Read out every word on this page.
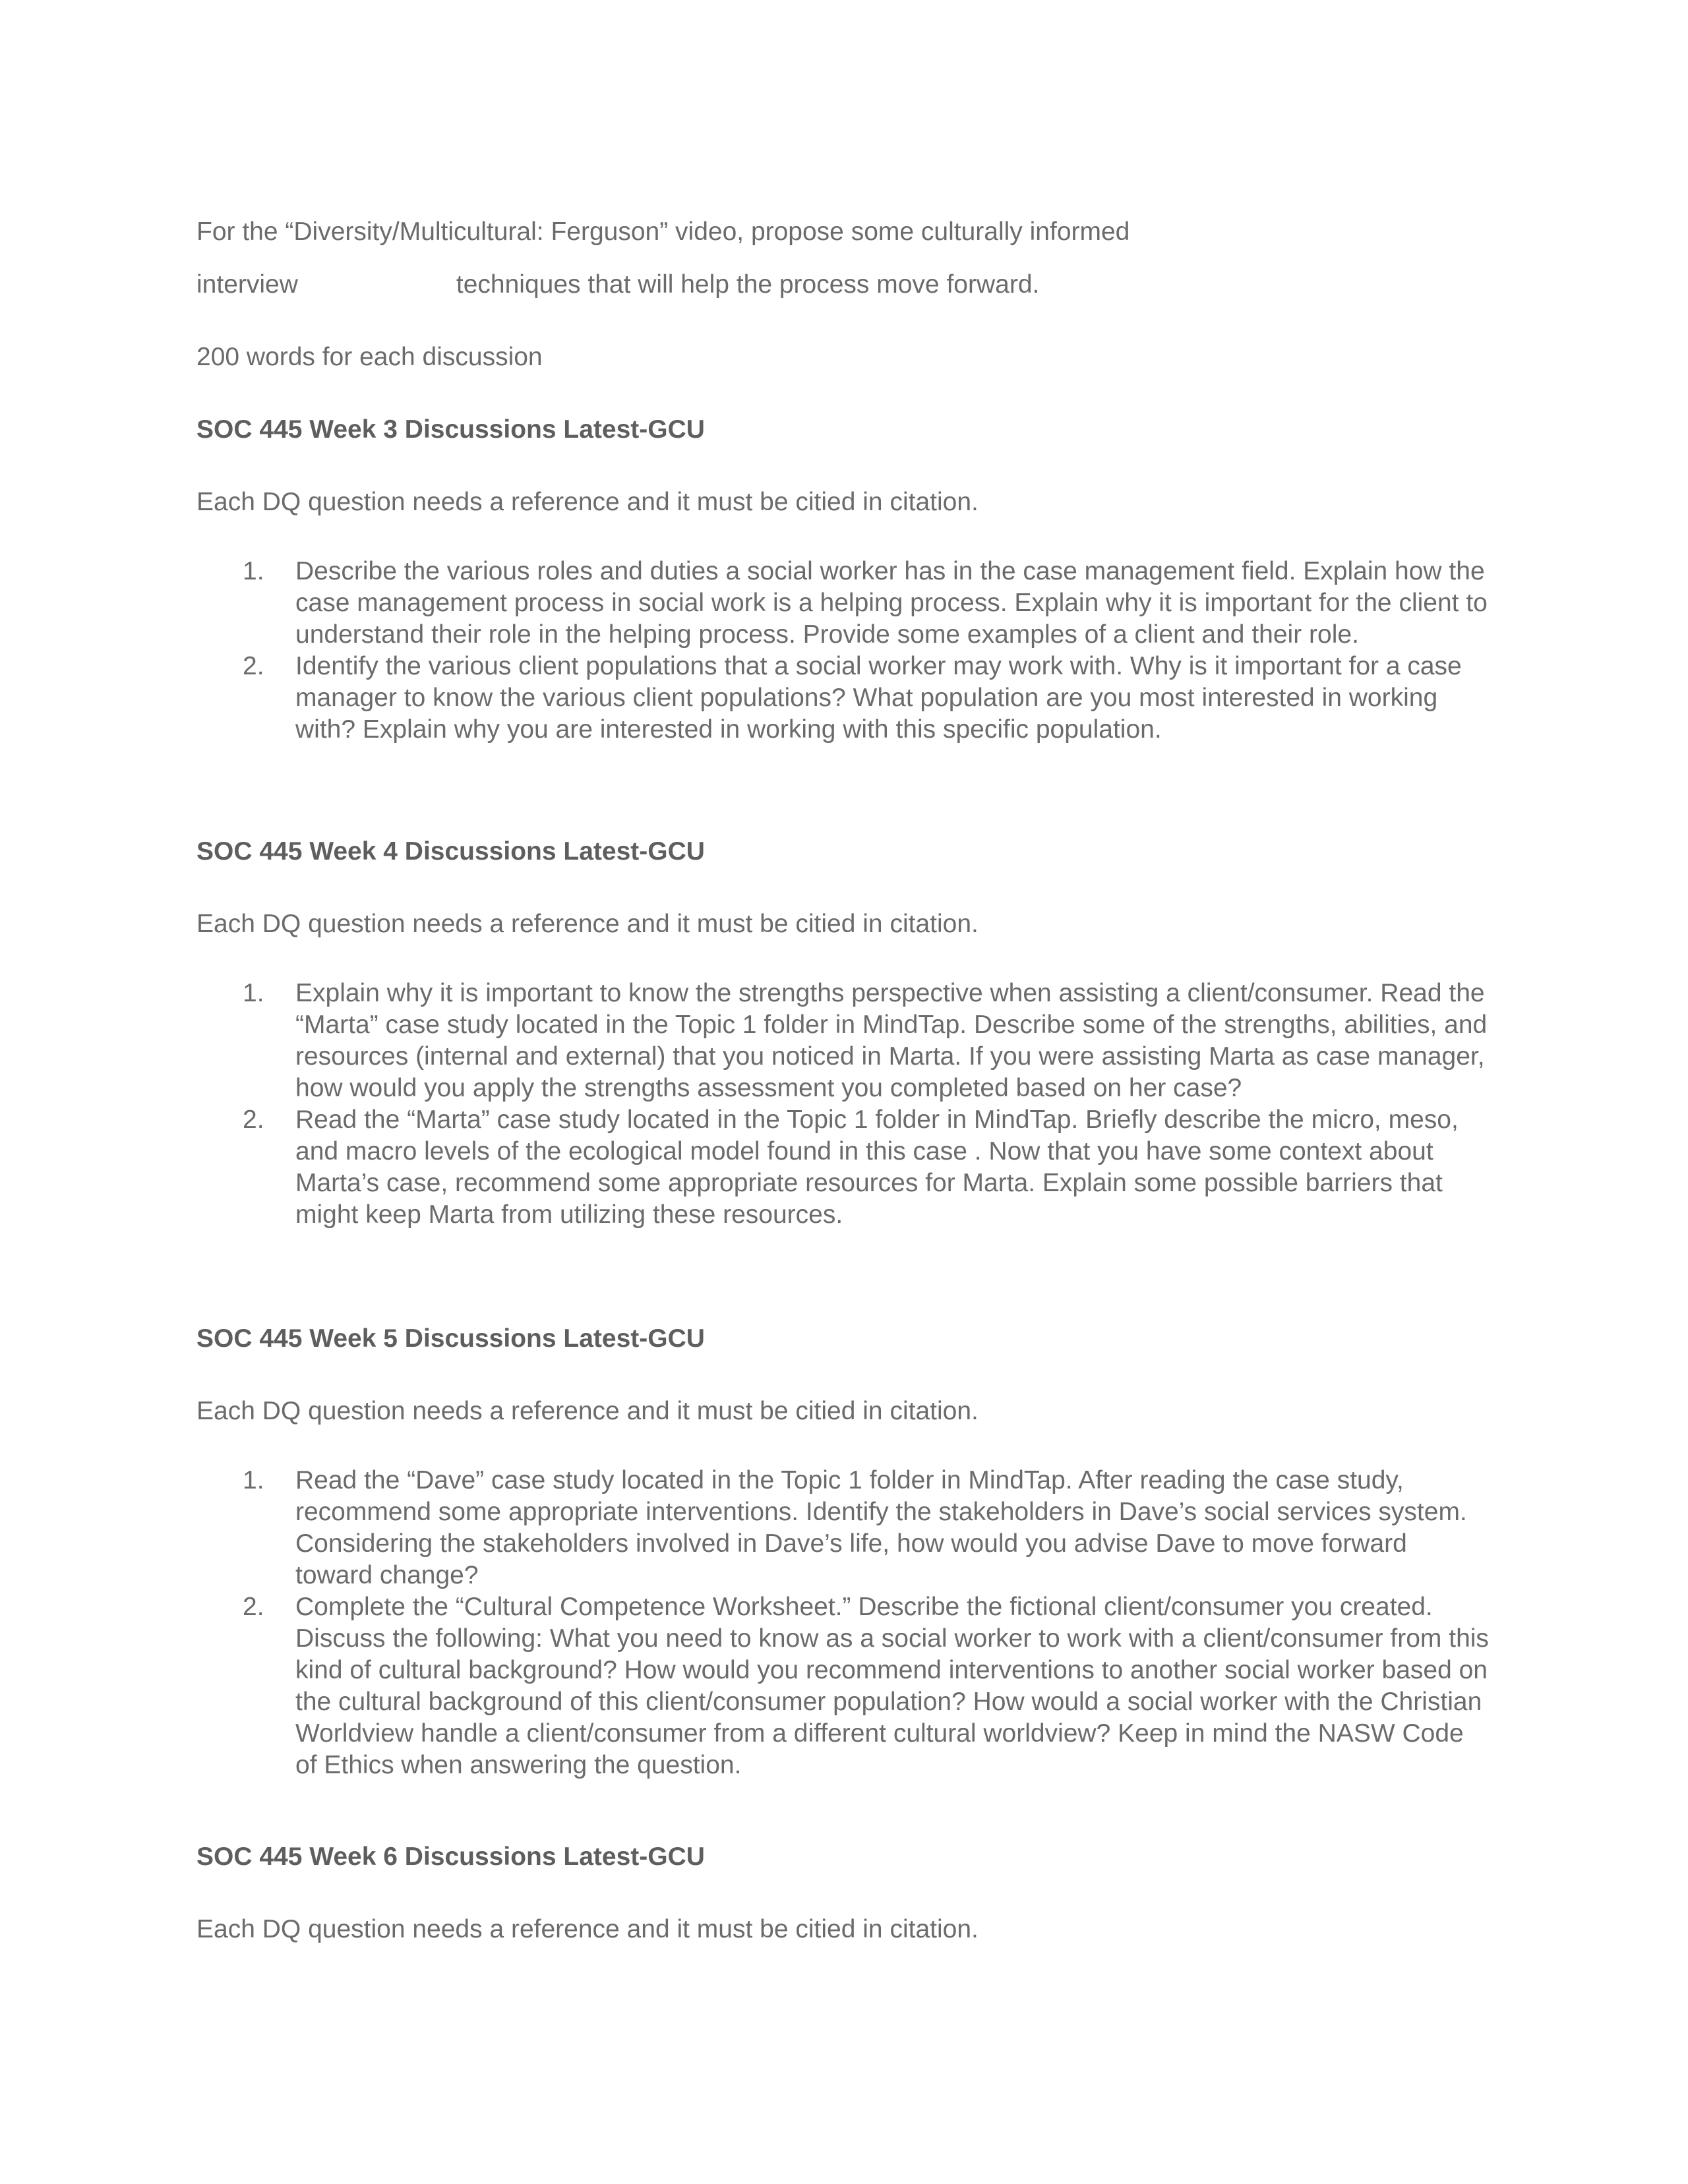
For the “Diversity/Multicultural: Ferguson” video, propose some culturally informed
interview	techniques that will help the process move forward.
200 words for each discussion
SOC 445 Week 3 Discussions Latest-GCU
Each DQ question needs a reference and it must be citied in citation.
1. Describe the various roles and duties a social worker has in the case management field. Explain how the case management process in social work is a helping process. Explain why it is important for the client to understand their role in the helping process. Provide some examples of a client and their role.
2. Identify the various client populations that a social worker may work with. Why is it important for a case manager to know the various client populations? What population are you most interested in working with? Explain why you are interested in working with this specific population.
SOC 445 Week 4 Discussions Latest-GCU
Each DQ question needs a reference and it must be citied in citation.
1. Explain why it is important to know the strengths perspective when assisting a client/consumer. Read the “Marta” case study located in the Topic 1 folder in MindTap. Describe some of the strengths, abilities, and resources (internal and external) that you noticed in Marta. If you were assisting Marta as case manager, how would you apply the strengths assessment you completed based on her case?
2. Read the “Marta” case study located in the Topic 1 folder in MindTap. Briefly describe the micro, meso, and macro levels of the ecological model found in this case . Now that you have some context about Marta’s case, recommend some appropriate resources for Marta. Explain some possible barriers that might keep Marta from utilizing these resources.
SOC 445 Week 5 Discussions Latest-GCU
Each DQ question needs a reference and it must be citied in citation.
1. Read the “Dave” case study located in the Topic 1 folder in MindTap. After reading the case study, recommend some appropriate interventions. Identify the stakeholders in Dave’s social services system. Considering the stakeholders involved in Dave’s life, how would you advise Dave to move forward toward change?
2. Complete the “Cultural Competence Worksheet.” Describe the fictional client/consumer you created. Discuss the following: What you need to know as a social worker to work with a client/consumer from this kind of cultural background? How would you recommend interventions to another social worker based on the cultural background of this client/consumer population? How would a social worker with the Christian Worldview handle a client/consumer from a different cultural worldview? Keep in mind the NASW Code of Ethics when answering the question.
SOC 445 Week 6 Discussions Latest-GCU
Each DQ question needs a reference and it must be citied in citation.
